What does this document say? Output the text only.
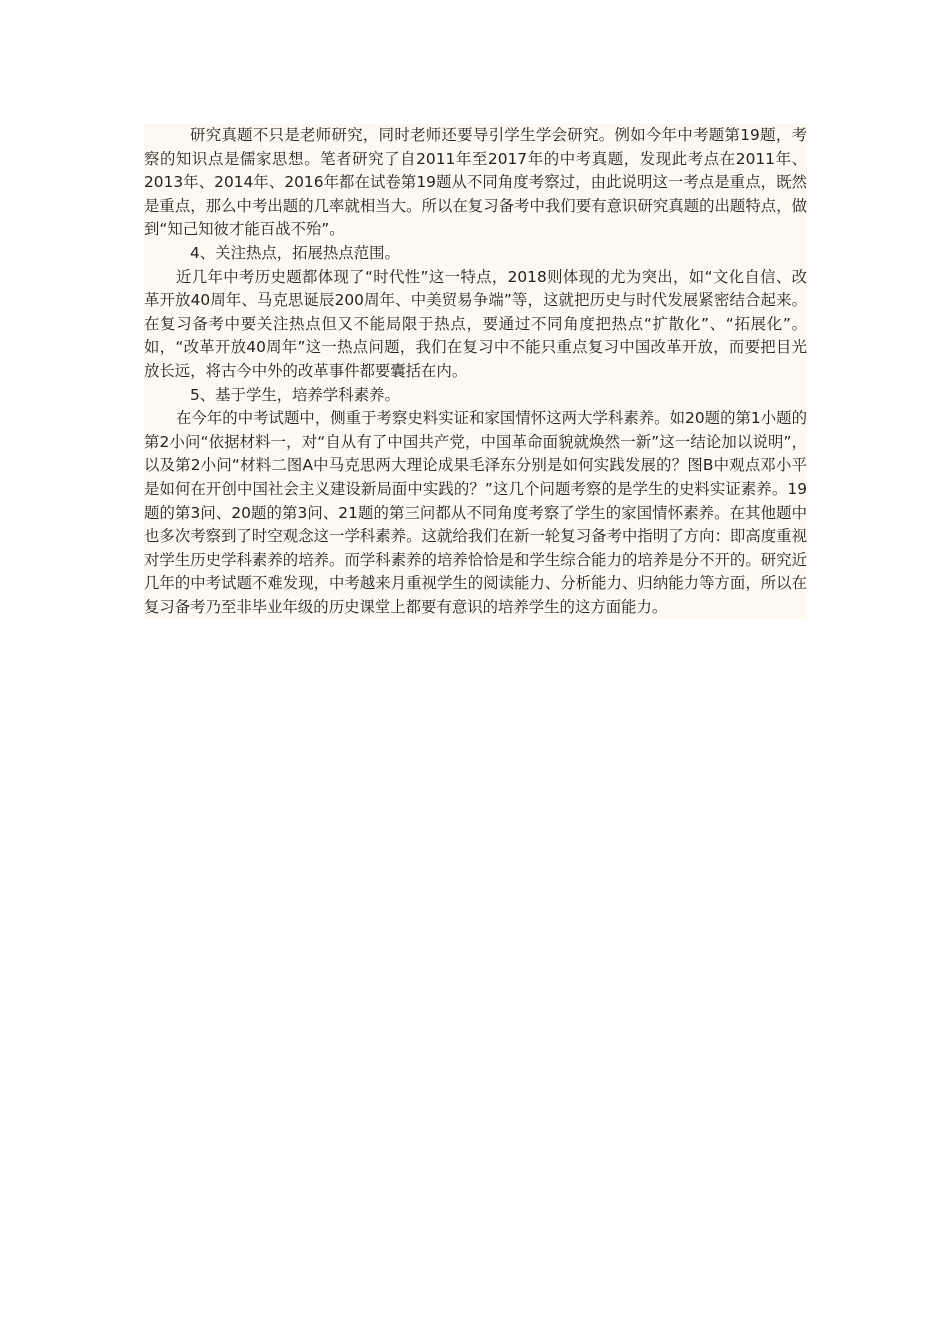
研究真题不只是老师研究，同时老师还要导引学生学会研究。例如今年中考题第19题，考察的知识点是儒家思想。笔者研究了自2011年至2017年的中考真题，发现此考点在2011年、2013年、2014年、2016年都在试卷第19题从不同角度考察过，由此说明这一考点是重点，既然是重点，那么中考出题的几率就相当大。所以在复习备考中我们要有意识研究真题的出题特点，做到“知己知彼才能百战不殆”。

4、关注热点，拓展热点范围。

近几年中考历史题都体现了“时代性”这一特点，2018则体现的尤为突出，如“文化自信、改革开放40周年、马克思诞辰200周年、中美贸易争端”等，这就把历史与时代发展紧密结合起来。在复习备考中要关注热点但又不能局限于热点，要通过不同角度把热点“扩散化”、“拓展化”。如，“改革开放40周年”这一热点问题，我们在复习中不能只重点复习中国改革开放，而要把目光放长远，将古今中外的改革事件都要囊括在内。

5、基于学生，培养学科素养。

在今年的中考试题中，侧重于考察史料实证和家国情怀这两大学科素养。如20题的第1小题的第2小问“依据材料一，对“自从有了中国共产党，中国革命面貌就焕然一新”这一结论加以说明”，以及第2小问“材料二图A中马克思两大理论成果毛泽东分别是如何实践发展的？图B中观点邓小平是如何在开创中国社会主义建设新局面中实践的？”这几个问题考察的是学生的史料实证素养。19题的第3问、20题的第3问、21题的第三问都从不同角度考察了学生的家国情怀素养。在其他题中也多次考察到了时空观念这一学科素养。这就给我们在新一轮复习备考中指明了方向：即高度重视对学生历史学科素养的培养。而学科素养的培养恰恰是和学生综合能力的培养是分不开的。研究近几年的中考试题不难发现，中考越来月重视学生的阅读能力、分析能力、归纳能力等方面，所以在复习备考乃至非毕业年级的历史课堂上都要有意识的培养学生的这方面能力。
